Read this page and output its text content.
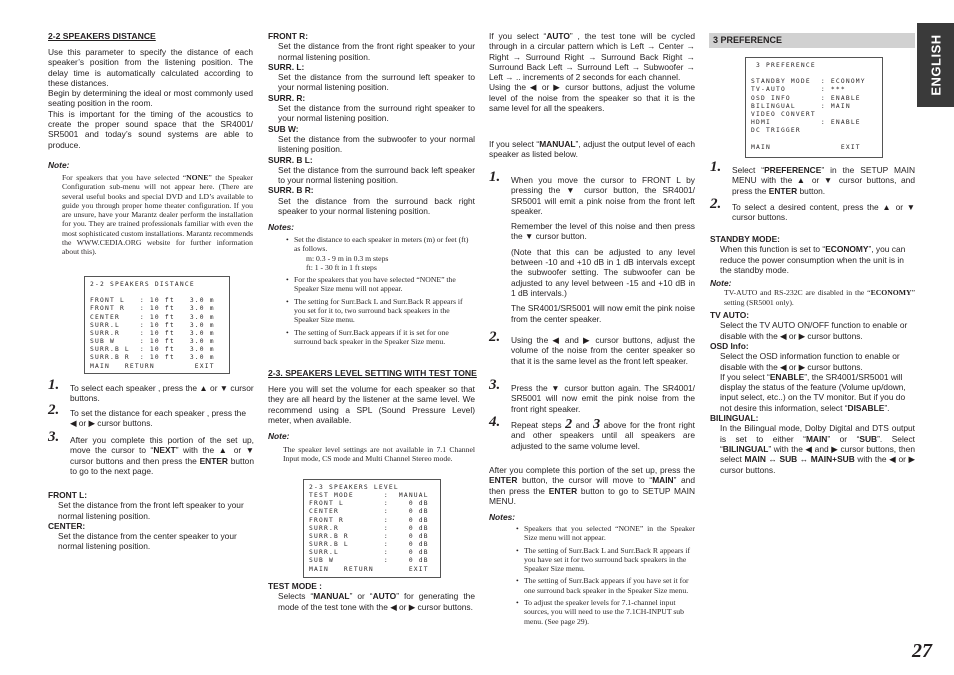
2-2 SPEAKERS DISTANCE

Use this parameter to specify the distance of each speaker’s position from the listening position. The delay time is automatically calculated according to these distances.

Begin by determining the ideal or most commonly used seating position in the room.

This is important for the timing of the acoustics to create the proper sound space that the SR4001/ SR5001 and today’s sound systems are able to produce.

Note:
For speakers that you have selected “NONE” the Speaker Configuration sub-menu will not appear here. (There are several useful books and special DVD and LD’s available to guide you through proper home theater configuration. If you are unsure, have your Marantz dealer perform the installation for you. They are trained professionals familiar with even the most sophisticated custom installations. Marantz recommends the WWW.CEDIA.ORG website for further information about this).
2-2 SPEAKERS DISTANCE

FRONT L   : 10 ft   3.0 m
FRONT R   : 10 ft   3.0 m
CENTER    : 10 ft   3.0 m
SURR.L    : 10 ft   3.0 m
SURR.R    : 10 ft   3.0 m
SUB W     : 10 ft   3.0 m
SURR.B L  : 10 ft   3.0 m
SURR.B R  : 10 ft   3.0 m
MAIN   RETURN        EXIT
1.	To select each speaker , press the ▲ or ▼ cursor buttons.
2.	To set the distance for each speaker , press the ◀ or ▶ cursor buttons.
3.	After you complete this portion of the set up, move the cursor to “NEXT” with the ▲ or ▼ cursor buttons and then press the ENTER button to go to the next page.
FRONT L:
Set the distance from the front left speaker to your normal listening position.
CENTER:
Set the distance from the center speaker to your normal listening position.
FRONT R:
Set the distance from the front right speaker to your normal listening position.
SURR. L:
Set the distance from the surround left speaker to your normal listening position.
SURR. R:
Set the distance from the surround right speaker to your normal listening position.
SUB W:
Set the distance from the subwoofer to your normal listening position.
SURR. B L:
Set the distance from the surround back left speaker to your normal listening position.
SURR. B R:
Set the distance from the surround back right speaker to your normal listening position.
Notes:
• Set the distance to each speaker in meters (m) or feet (ft) as follows.
m: 0.3 - 9 m in 0.3 m steps
ft: 1 - 30 ft in 1 ft steps
• For the speakers that you have selected “NONE” the Speaker Size menu will not appear.
• The setting for Surr.Back L and Surr.Back R appears if you set for it to, two surround back speakers in the Speaker Size menu.
• The setting of Surr.Back appears if it is set for one surround back speaker in the Speaker Size menu.
2-3. SPEAKERS LEVEL SETTING WITH TEST TONE
Here you will set the volume for each speaker so that they are all heard by the listener at the same level. We recommend using a SPL (Sound Pressure Level) meter, when available.
Note:
The speaker level settings are not available in 7.1 Channel Input mode, CS mode and Multi Channel Stereo mode.
2-3 SPEAKERS LEVEL
TEST MODE      :  MANUAL
FRONT L        :    0 dB
CENTER         :    0 dB
FRONT R        :    0 dB
SURR.R         :    0 dB
SURR.B R       :    0 dB
SURR.B L       :    0 dB
SURR.L         :    0 dB
SUB W          :    0 dB
MAIN   RETURN       EXIT
TEST MODE :
Selects “MANUAL” or “AUTO” for generating the mode of the test tone with the ◀ or ▶ cursor buttons.

If you select “AUTO” , the test tone will be cycled through in a circular pattern which is Left → Center → Right → Surround Right → Surround Back Right → Surround Back Left → Surround Left → Subwoofer → Left → .. increments of 2 seconds for each channel.

Using the ◀ or ▶ cursor buttons, adjust the volume level of the noise from the speaker so that it is the same level for all the speakers.

If you select “MANUAL”, adjust the output level of each speaker as listed below.
1. When you move the cursor to FRONT L by pressing the ▼ cursor button, the SR4001/ SR5001 will emit a pink noise from the front left speaker.

Remember the level of this noise and then press the ▼ cursor button.

(Note that this can be adjusted to any level between -10 and +10 dB in 1 dB intervals except the subwoofer setting. The subwoofer can be adjusted to any level between -15 and +10 dB in 1 dB intervals.)

The SR4001/SR5001 will now emit the pink noise from the center speaker.

2.	Using the ◀ and ▶ cursor buttons, adjust the volume of the noise from the center speaker so that it is the same level as the front left speaker.
3.	Press the ▼ cursor button again. The SR4001/ SR5001 will now emit the pink noise from the front right speaker.
4.	Repeat steps 2 and 3 above for the front right and other speakers until all speakers are adjusted to the same volume level.
After you complete this portion of the set up, press the ENTER button, the cursor will move to “MAIN” and then press the ENTER button to go to SETUP MAIN MENU.
Notes:
• Speakers that you selected “NONE” in the Speaker Size menu will not appear.
• The setting of Surr.Back L and Surr.Back R appears if you have set it for two surround back speakers in the Speaker Size menu.
• The setting of Surr.Back appears if you have set it for one surround back speaker in the Speaker Size menu.
• To adjust the speaker levels for 7.1-channel input sources, you will need to use the 7.1CH-INPUT sub menu. (See page 29).
3 PREFERENCE	ENGLISH
3 PREFERENCE

STANDBY MODE  : ECONOMY
TV-AUTO       : ***
OSD INFO      : ENABLE
BILINGUAL     : MAIN
VIDEO CONVERT
HDMI          : ENABLE
DC TRIGGER

MAIN              EXIT
1.	Select “PREFERENCE” in the SETUP MAIN MENU with the ▲ or ▼ cursor buttons, and press the ENTER button.
2.	To select a desired content, press the ▲ or ▼ cursor buttons.
STANDBY MODE:
When this function is set to “ECONOMY”, you can reduce the power consumption when the unit is in the standby mode.
Note:
TV-AUTO and RS-232C are disabled in the “ECONOMY” setting (SR5001 only).
TV AUTO:
Select the TV AUTO ON/OFF function to enable or disable with the ◀ or ▶ cursor buttons.
OSD Info:
Select the OSD information function to enable or disable with the ◀ or ▶ cursor buttons.
If you select “ENABLE”, the SR4001/SR5001 will display the status of the feature (Volume up/down, input select, etc..) on the TV monitor. But if you do not desire this information, select “DISABLE”.
BILINGUAL:
In the Bilingual mode, Dolby Digital and DTS output is set to either “MAIN” or “SUB”. Select “BILINGUAL” with the ◀ and ▶ cursor buttons, then select MAIN ↔ SUB ↔ MAIN+SUB with the ◀ or ▶ cursor buttons.
27
